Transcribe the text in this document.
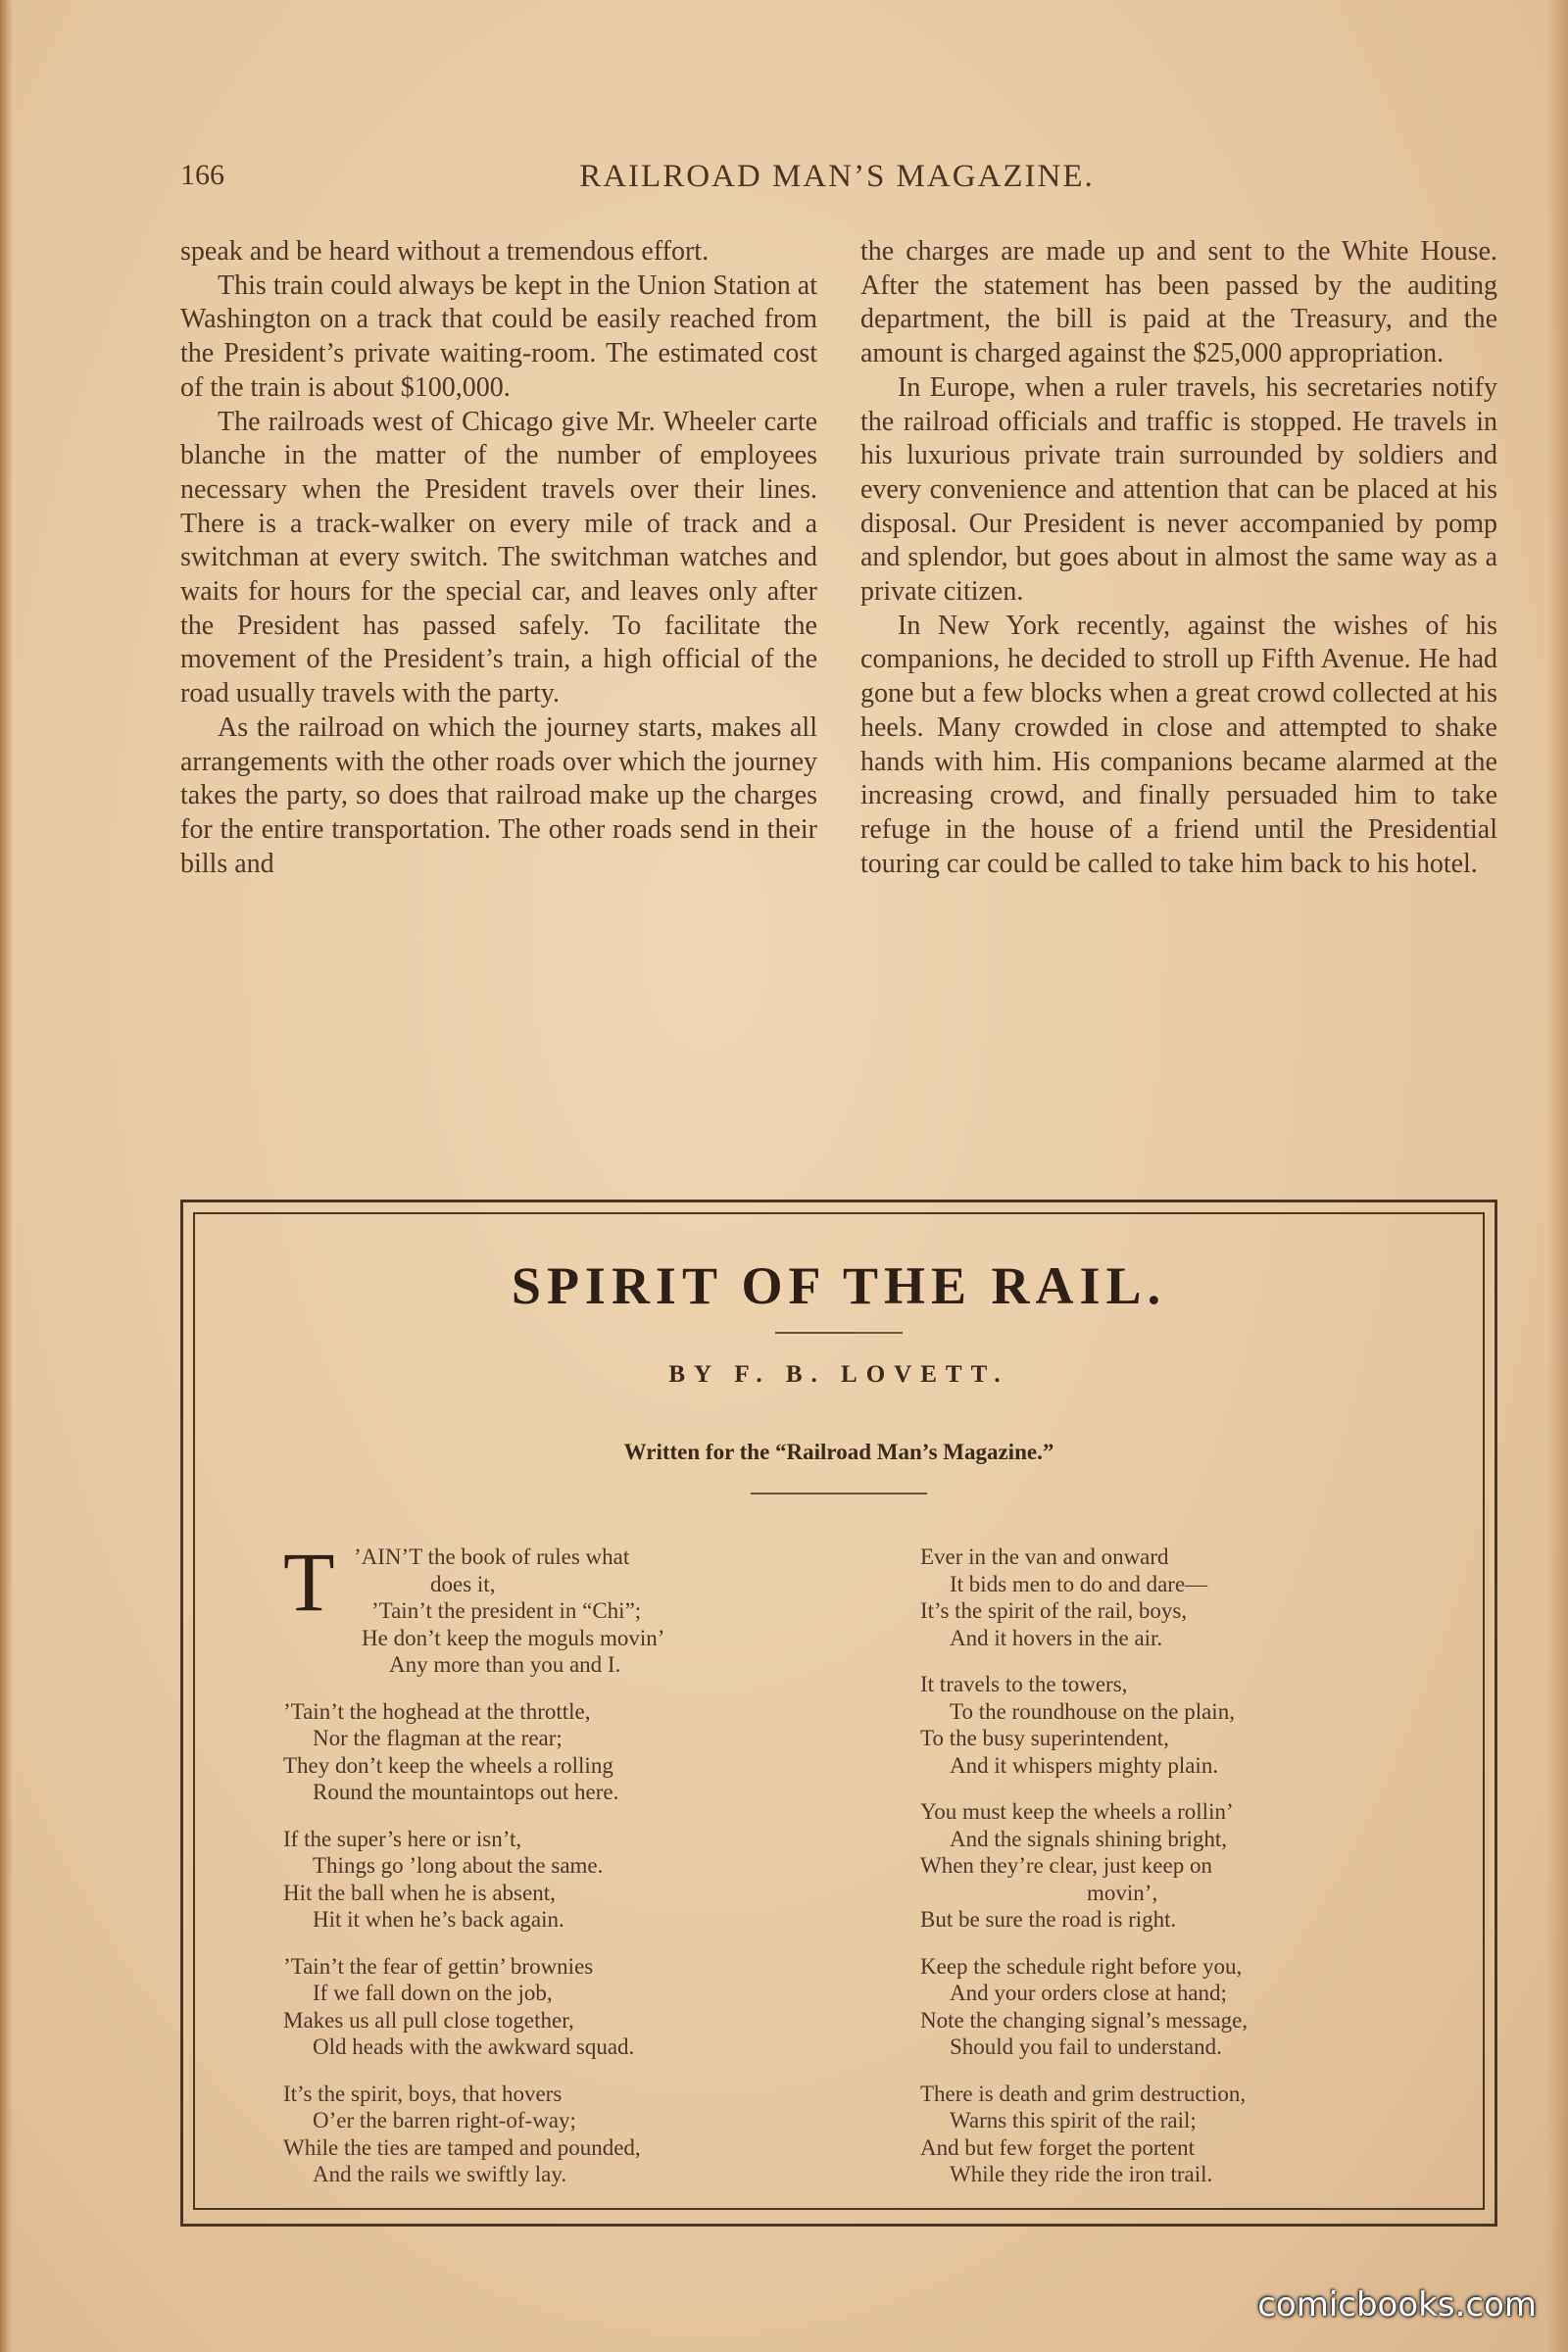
166	RAILROAD MAN’S MAGAZINE.

speak and be heard without a tremendous effort.

This train could always be kept in the Union Station at Washington on a track that could be easily reached from the President’s private waiting-room. The estimated cost of the train is about $100,000.

The railroads west of Chicago give Mr. Wheeler carte blanche in the matter of the number of employees necessary when the President travels over their lines. There is a track-walker on every mile of track and a switchman at every switch. The switchman watches and waits for hours for the special car, and leaves only after the President has passed safely. To facilitate the movement of the President’s train, a high official of the road usually travels with the party.

As the railroad on which the journey starts, makes all arrangements with the other roads over which the journey takes the party, so does that railroad make up the charges for the entire transportation. The other roads send in their bills and

the charges are made up and sent to the White House. After the statement has been passed by the auditing department, the bill is paid at the Treasury, and the amount is charged against the $25,000 appropriation.

In Europe, when a ruler travels, his secretaries notify the railroad officials and traffic is stopped. He travels in his luxurious private train surrounded by soldiers and every convenience and attention that can be placed at his disposal. Our President is never accompanied by pomp and splendor, but goes about in almost the same way as a private citizen.

In New York recently, against the wishes of his companions, he decided to stroll up Fifth Avenue. He had gone but a few blocks when a great crowd collected at his heels. Many crowded in close and attempted to shake hands with him. His companions became alarmed at the increasing crowd, and finally persuaded him to take refuge in the house of a friend until the Presidential touring car could be called to take him back to his hotel.

SPIRIT OF THE RAIL.
BY F. B. LOVETT.
Written for the “Railroad Man’s Magazine.”
T ’AIN’T the book of rules what
does it,
’Tain’t the president in “Chi”;
He don’t keep the moguls movin’
Any more than you and I.
’Tain’t the hoghead at the throttle,
Nor the flagman at the rear;
They don’t keep the wheels a rolling
Round the mountaintops out here.
If the super’s here or isn’t,
Things go ’long about the same.
Hit the ball when he is absent,
Hit it when he’s back again.
’Tain’t the fear of gettin’ brownies
If we fall down on the job,
Makes us all pull close together,
Old heads with the awkward squad.
It’s the spirit, boys, that hovers
O’er the barren right-of-way;
While the ties are tamped and pounded,
And the rails we swiftly lay.
Ever in the van and onward
It bids men to do and dare—
It’s the spirit of the rail, boys,
And it hovers in the air.
It travels to the towers,
To the roundhouse on the plain,
To the busy superintendent,
And it whispers mighty plain.
You must keep the wheels a rollin’
And the signals shining bright,
When they’re clear, just keep on
movin’,
But be sure the road is right.
Keep the schedule right before you,
And your orders close at hand;
Note the changing signal’s message,
Should you fail to understand.
There is death and grim destruction,
Warns this spirit of the rail;
And but few forget the portent
While they ride the iron trail.
comicbooks.com
